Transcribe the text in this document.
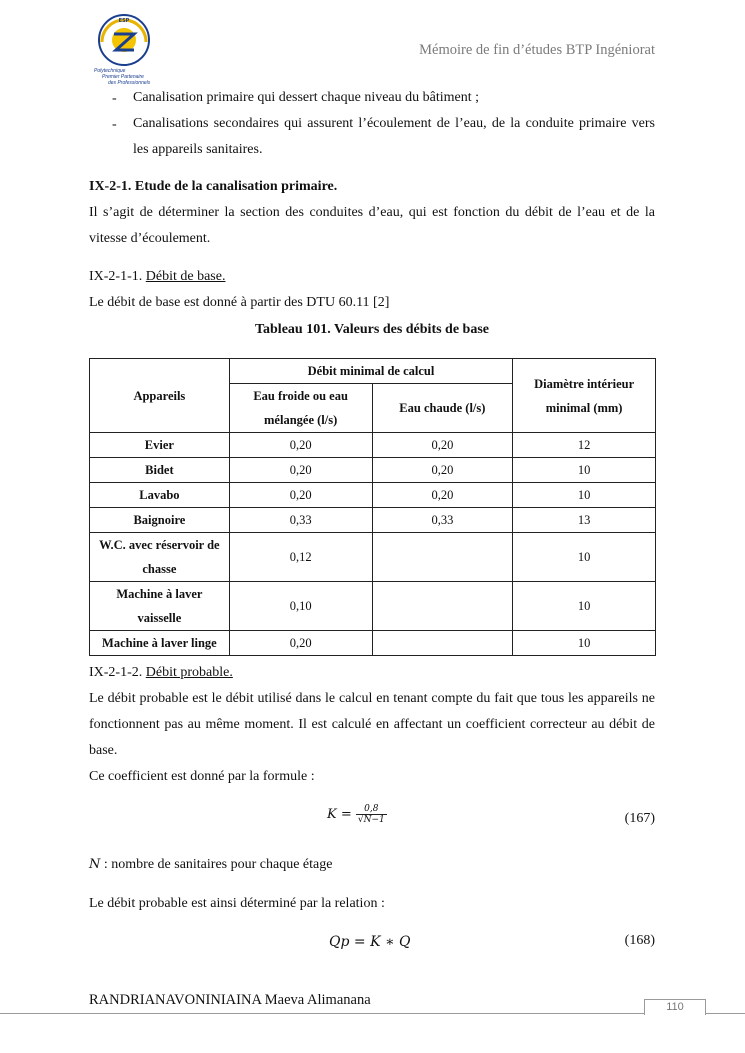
ESP
Polytechnique
Premier Partenaire
des Professionnels
Mémoire de fin d’études BTP Ingéniorat
- Canalisation primaire qui dessert chaque niveau du bâtiment ;
- Canalisations secondaires qui assurent l’écoulement de l’eau, de la conduite primaire vers les appareils sanitaires.
IX-2-1. Etude de la canalisation primaire.
Il s’agit de déterminer la section des conduites d’eau, qui est fonction du débit de l’eau et de la vitesse d’écoulement.
IX-2-1-1. Débit de base.
Le débit de base est donné à partir des DTU 60.11 [2]
Tableau 101. Valeurs des débits de base
Appareils	Débit minimal de calcul		Diamètre intérieur minimal (mm)
	Eau froide ou eau mélangée (l/s)	Eau chaude (l/s)	
Evier	0,20	0,20	12
Bidet	0,20	0,20	10
Lavabo	0,20	0,20	10
Baignoire	0,33	0,33	13
W.C. avec réservoir de chasse	0,12		10
Machine à laver vaisselle	0,10		10
Machine à laver linge	0,20		10
IX-2-1-2. Débit probable.
Le débit probable est le débit utilisé dans le calcul en tenant compte du fait que tous les appareils ne fonctionnent pas au même moment. Il est calculé en affectant un coefficient correcteur au débit de base.
Ce coefficient est donné par la formule :
$K = \frac{0,8}{√N-1}$	(167)
N : nombre de sanitaires pour chaque étage
Le débit probable est ainsi déterminé par la relation :
Qp = K ∗ Q	(168)
RANDRIANAVONINIAINA Maeva Alimanana	110
